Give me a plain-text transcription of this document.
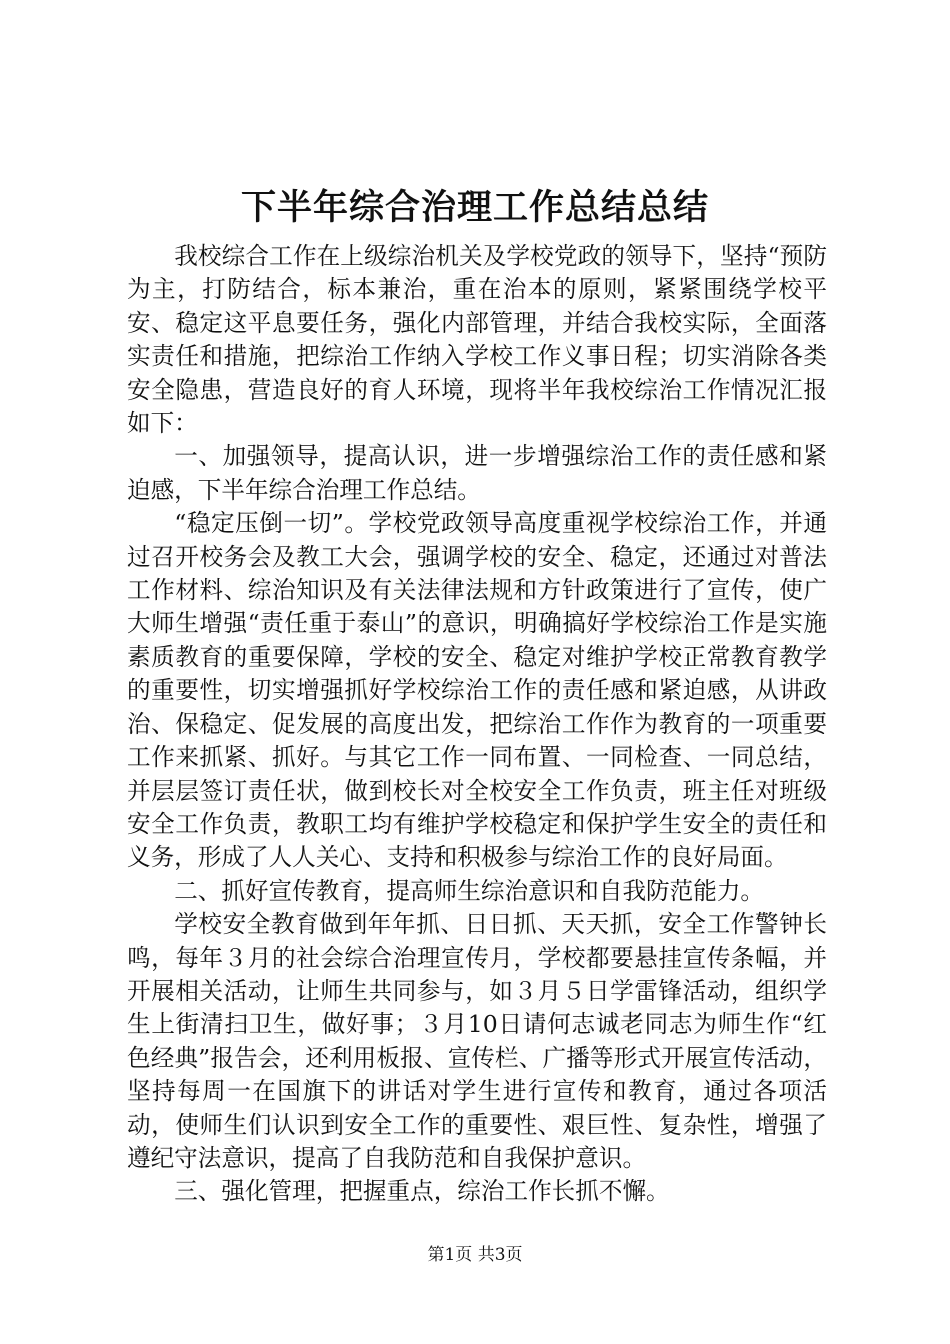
下半年综合治理工作总结总结

我校综合工作在上级综治机关及学校党政的领导下，坚持“预防为主，打防结合，标本兼治，重在治本的原则，紧紧围绕学校平安、稳定这平息要任务，强化内部管理，并结合我校实际，全面落实责任和措施，把综治工作纳入学校工作义事日程；切实消除各类安全隐患，营造良好的育人环境，现将半年我校综治工作情况汇报如下：

一、加强领导，提高认识，进一步增强综治工作的责任感和紧迫感，下半年综合治理工作总结。

“稳定压倒一切”。学校党政领导高度重视学校综治工作，并通过召开校务会及教工大会，强调学校的安全、稳定，还通过对普法工作材料、综治知识及有关法律法规和方针政策进行了宣传，使广大师生增强“责任重于泰山”的意识，明确搞好学校综治工作是实施素质教育的重要保障，学校的安全、稳定对维护学校正常教育教学的重要性，切实增强抓好学校综治工作的责任感和紧迫感，从讲政治、保稳定、促发展的高度出发，把综治工作作为教育的一项重要工作来抓紧、抓好。与其它工作一同布置、一同检查、一同总结，并层层签订责任状，做到校长对全校安全工作负责，班主任对班级安全工作负责，教职工均有维护学校稳定和保护学生安全的责任和义务，形成了人人关心、支持和积极参与综治工作的良好局面。

二、抓好宣传教育，提高师生综治意识和自我防范能力。

学校安全教育做到年年抓、日日抓、天天抓，安全工作警钟长鸣，每年３月的社会综合治理宣传月，学校都要悬挂宣传条幅，并开展相关活动，让师生共同参与，如３月５日学雷锋活动，组织学生上街清扫卫生，做好事；３月10日请何志诚老同志为师生作“红色经典”报告会，还利用板报、宣传栏、广播等形式开展宣传活动，坚持每周一在国旗下的讲话对学生进行宣传和教育，通过各项活动，使师生们认识到安全工作的重要性、艰巨性、复杂性，增强了遵纪守法意识，提高了自我防范和自我保护意识。

三、强化管理，把握重点，综治工作长抓不懈。

第1页 共3页
